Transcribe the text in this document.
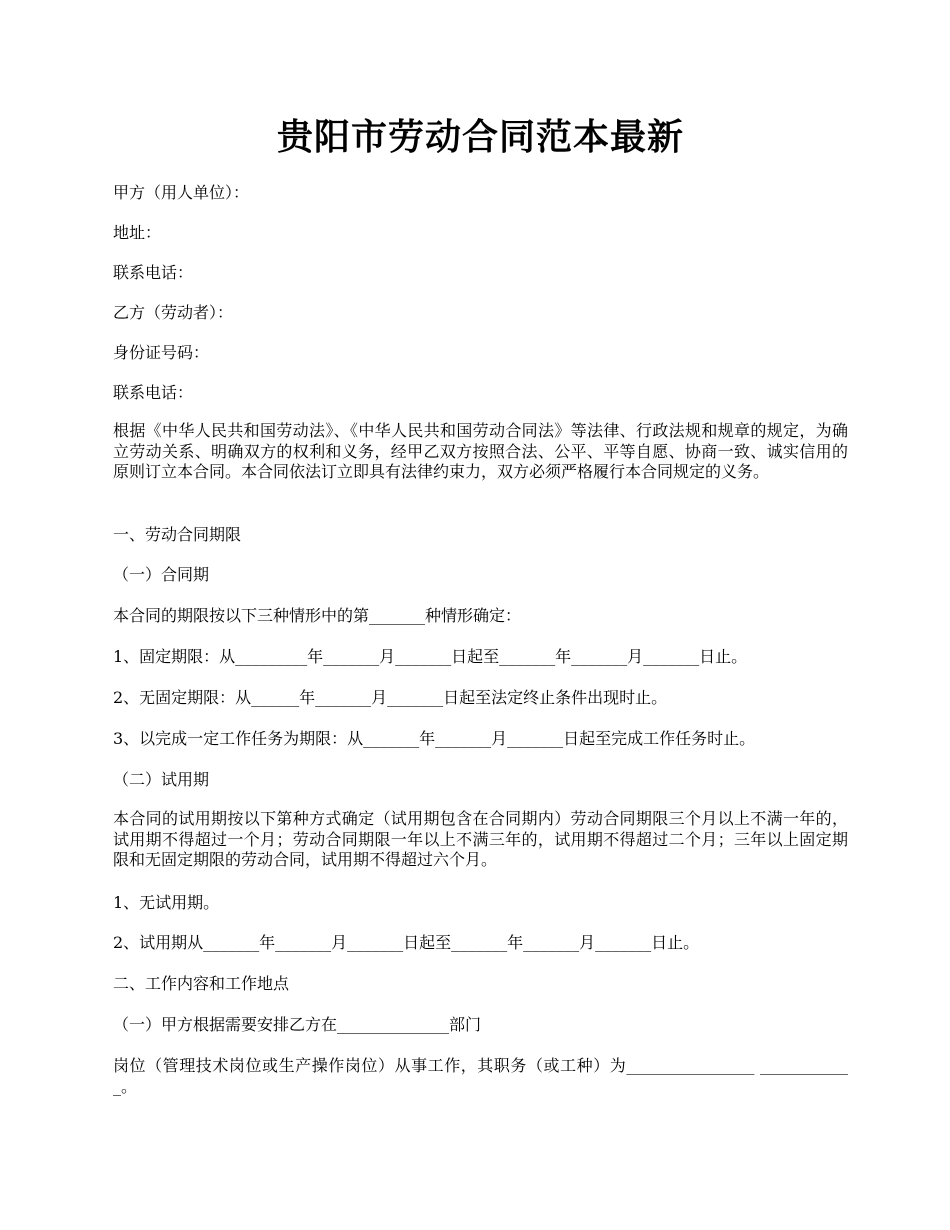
贵阳市劳动合同范本最新
甲方（用人单位）：
地址：
联系电话：
乙方（劳动者）：
身份证号码：
联系电话：
根据《中华人民共和国劳动法》、《中华人民共和国劳动合同法》等法律、行政法规和规章的规定，为确立劳动关系、明确双方的权利和义务，经甲乙双方按照合法、公平、平等自愿、协商一致、诚实信用的原则订立本合同。本合同依法订立即具有法律约束力，双方必须严格履行本合同规定的义务。
一、劳动合同期限
（一）合同期
本合同的期限按以下三种情形中的第_______种情形确定：
1、固定期限：从_________年_______月_______日起至_______年_______月_______日止。
2、无固定期限：从______年_______月_______日起至法定终止条件出现时止。
3、以完成一定工作任务为期限：从_______年_______月_______日起至完成工作任务时止。
（二）试用期
本合同的试用期按以下第种方式确定（试用期包含在合同期内）劳动合同期限三个月以上不满一年的，试用期不得超过一个月；劳动合同期限一年以上不满三年的，试用期不得超过二个月；三年以上固定期限和无固定期限的劳动合同，试用期不得超过六个月。
1、无试用期。
2、试用期从_______年_______月_______日起至_______年_______月_______日止。
二、工作内容和工作地点
（一）甲方根据需要安排乙方在______________部门
岗位（管理技术岗位或生产操作岗位）从事工作，其职务（或工种）为________________ ____________。
